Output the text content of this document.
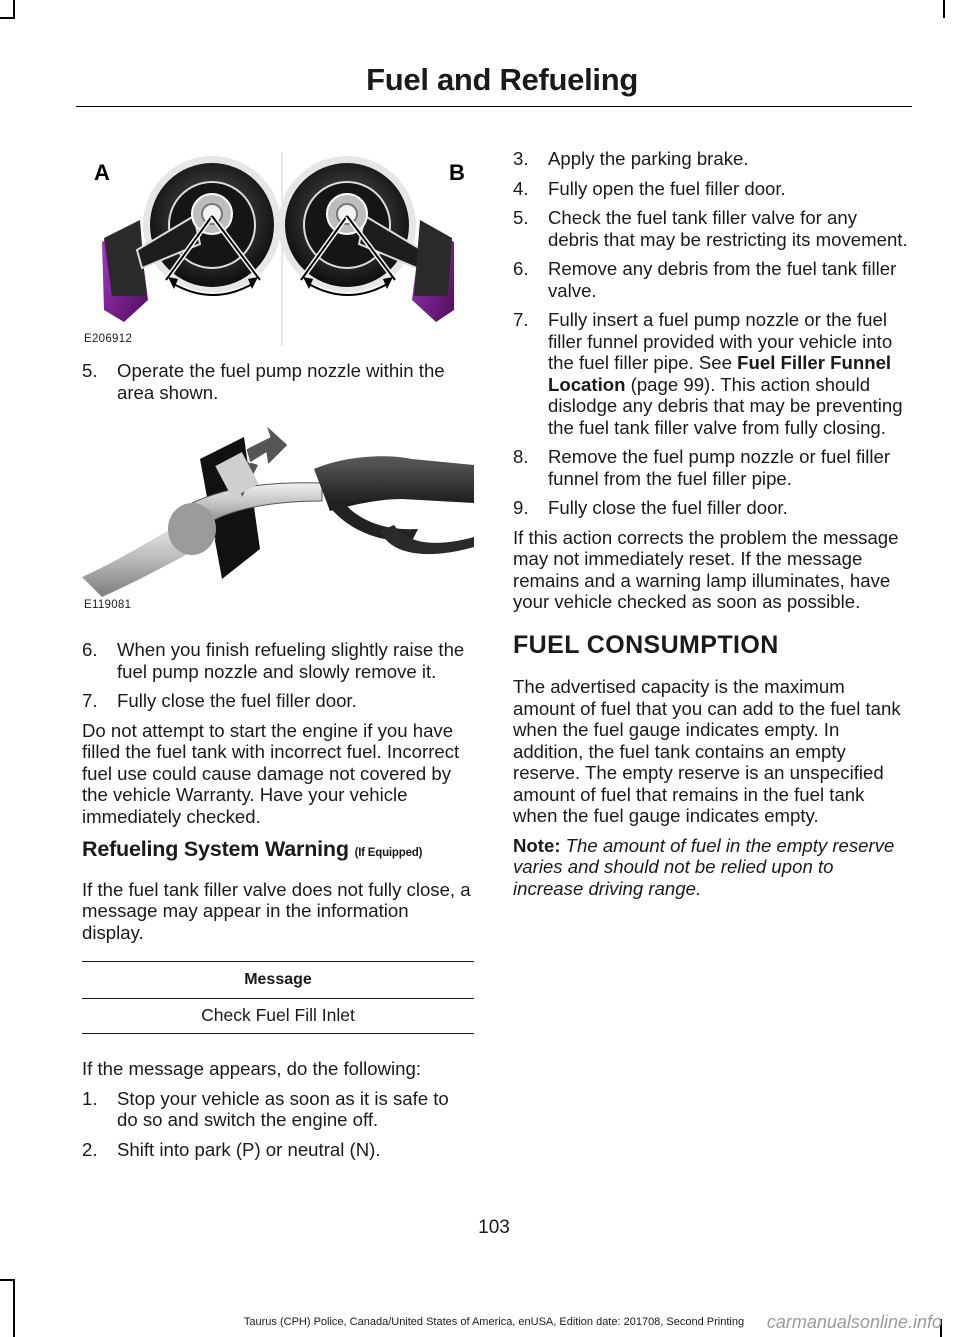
Fuel and Refueling
A	B
E206912
5.	Operate the fuel pump nozzle within the area shown.
E119081
6.	When you finish refueling slightly raise the fuel pump nozzle and slowly remove it.
7.	Fully close the fuel filler door.

Do not attempt to start the engine if you have filled the fuel tank with incorrect fuel. Incorrect fuel use could cause damage not covered by the vehicle Warranty. Have your vehicle immediately checked.

Refueling System Warning (If Equipped)

If the fuel tank filler valve does not fully close, a message may appear in the information display.

Message
Check Fuel Fill Inlet

If the message appears, do the following:

1.	Stop your vehicle as soon as it is safe to do so and switch the engine off.
2.	Shift into park (P) or neutral (N).
3.	Apply the parking brake.
4.	Fully open the fuel filler door.
5.	Check the fuel tank filler valve for any debris that may be restricting its movement.
6.	Remove any debris from the fuel tank filler valve.
7.	Fully insert a fuel pump nozzle or the fuel filler funnel provided with your vehicle into the fuel filler pipe. See Fuel Filler Funnel Location (page 99). This action should dislodge any debris that may be preventing the fuel tank filler valve from fully closing.
8.	Remove the fuel pump nozzle or fuel filler funnel from the fuel filler pipe.
9.	Fully close the fuel filler door.

If this action corrects the problem the message may not immediately reset. If the message remains and a warning lamp illuminates, have your vehicle checked as soon as possible.

FUEL CONSUMPTION

The advertised capacity is the maximum amount of fuel that you can add to the fuel tank when the fuel gauge indicates empty. In addition, the fuel tank contains an empty reserve. The empty reserve is an unspecified amount of fuel that remains in the fuel tank when the fuel gauge indicates empty.

Note: The amount of fuel in the empty reserve varies and should not be relied upon to increase driving range.

103
Taurus (CPH) Police, Canada/United States of America, enUSA, Edition date: 201708, Second Printing	carmanualsonline.info
